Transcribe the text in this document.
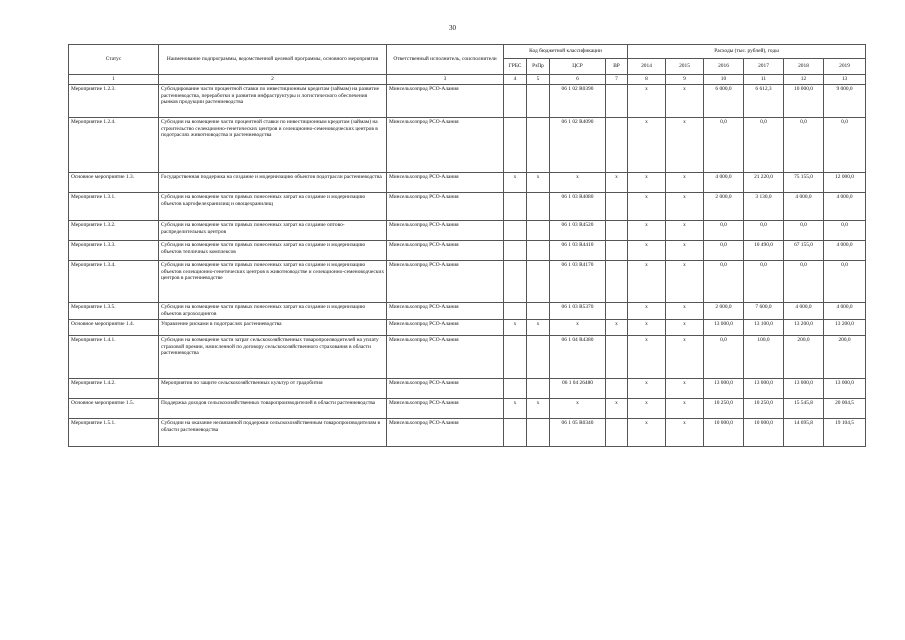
30
Статус	Наименование подпрограммы, ведомственной целевой программы, основного мероприятия	Ответственный исполнитель, соисполнители	Код бюджетной классификации				Расходы (тыс. рублей), годы					
			ГРБС	РзПр	ЦСР	ВР	2014	2015	2016	2017	2018	2019
1	2	3	4	5	6	7	8	9	10	11	12	13
Мероприятие 1.2.3.	Субсидирование части процентной ставки по инвестиционным кредитам (займам) на развитие растениеводства, переработки и развития инфраструктуры и логистического обеспечения рынков продукции растениеводства	Минсельхозпрод РСО-Алания			06 1 02 R0390		x	x	6 000,0	6 612,3	10 000,0	9 000,0
Мероприятие 1.2.4.	Субсидии на возмещение части процентной ставки по инвестиционным кредитам (займам) на строительство селекционно-генетических центров и селекционно-семеноводческих центров в подотраслях животноводства и растениеводства	Минсельхозпрод РСО-Алания			06 1 02 R4090		x	x	0,0	0,0	0,0	0,0
Основное мероприятие 1.3.	Государственная поддержка на создание и модернизацию объектов подотрасли растениеводства	Минсельхозпрод РСО-Алания	x	x	x	x	x	x	4 000,0	21 220,0	75 155,0	12 000,0
Мероприятие 1.3.1.	Субсидии на возмещение части прямых понесенных затрат на создание и модернизацию объектов картофелехранилищ и овощехранилищ	Минсельхозпрод РСО-Алания			06 1 03 R4080		x	x	2 000,0	3 130,0	4 000,0	4 000,0
Мероприятие 1.3.2.	Субсидии на возмещение части прямых понесенных затрат на создание оптово-распределительных центров	Минсельхозпрод РСО-Алания			06 1 03 R4520		x	x	0,0	0,0	0,0	0,0
Мероприятие 1.3.3.	Субсидии на возмещение части прямых понесенных затрат на создание и модернизацию объектов тепличных комплексов	Минсельхозпрод РСО-Алания			06 1 03 R4410		x	x	0,0	10 490,0	67 155,0	4 000,0
Мероприятие 1.3.4.	Субсидии на возмещение части прямых понесенных затрат на создание и модернизацию объектов селекционно-генетических центров в животноводстве и селекционно-семеноводческих центров в растениеводстве	Минсельхозпрод РСО-Алания			06 1 03 R4170		x	x	0,0	0,0	0,0	0,0
Мероприятие 1.3.5.	Субсидии на возмещение части прямых понесенных затрат на создание и модернизацию объектов агрохолдингов	Минсельхозпрод РСО-Алания			06 1 03 R5370		x	x	2 000,0	7 600,0	4 000,0	4 000,0
Основное мероприятие 1.4.	Управление рисками в подотраслях растениеводства	Минсельхозпрод РСО-Алания	x	x	x	x	x	x	13 000,0	13 100,0	13 200,0	13 200,0
Мероприятие 1.4.1.	Субсидии на возмещение части затрат сельскохозяйственных товаропроизводителей на уплату страховой премии, начисленной по договору сельскохозяйственного страхования в области растениеводства	Минсельхозпрод РСО-Алания			06 1 04 R4380		x	x	0,0	100,0	200,0	200,0
Мероприятие 1.4.2.	Мероприятия по защите сельскохозяйственных культур от градобития	Минсельхозпрод РСО-Алания			06 1 04 26480		x	x	13 000,0	13 000,0	13 000,0	13 000,0
Основное мероприятие 1.5.	Поддержка доходов сельскохозяйственных товаропроизводителей в области растениеводства	Минсельхозпрод РСО-Алания	x	x	x	x	x	x	10 250,0	10 250,0	15 545,8	20 004,5
Мероприятие 1.5.1.	Субсидии на оказание несвязанной поддержки сельскохозяйственным товаропроизводителям в области растениеводства	Минсельхозпрод РСО-Алания			06 1 05 R0340		x	x	10 000,0	10 000,0	14 695,8	19 104,5
